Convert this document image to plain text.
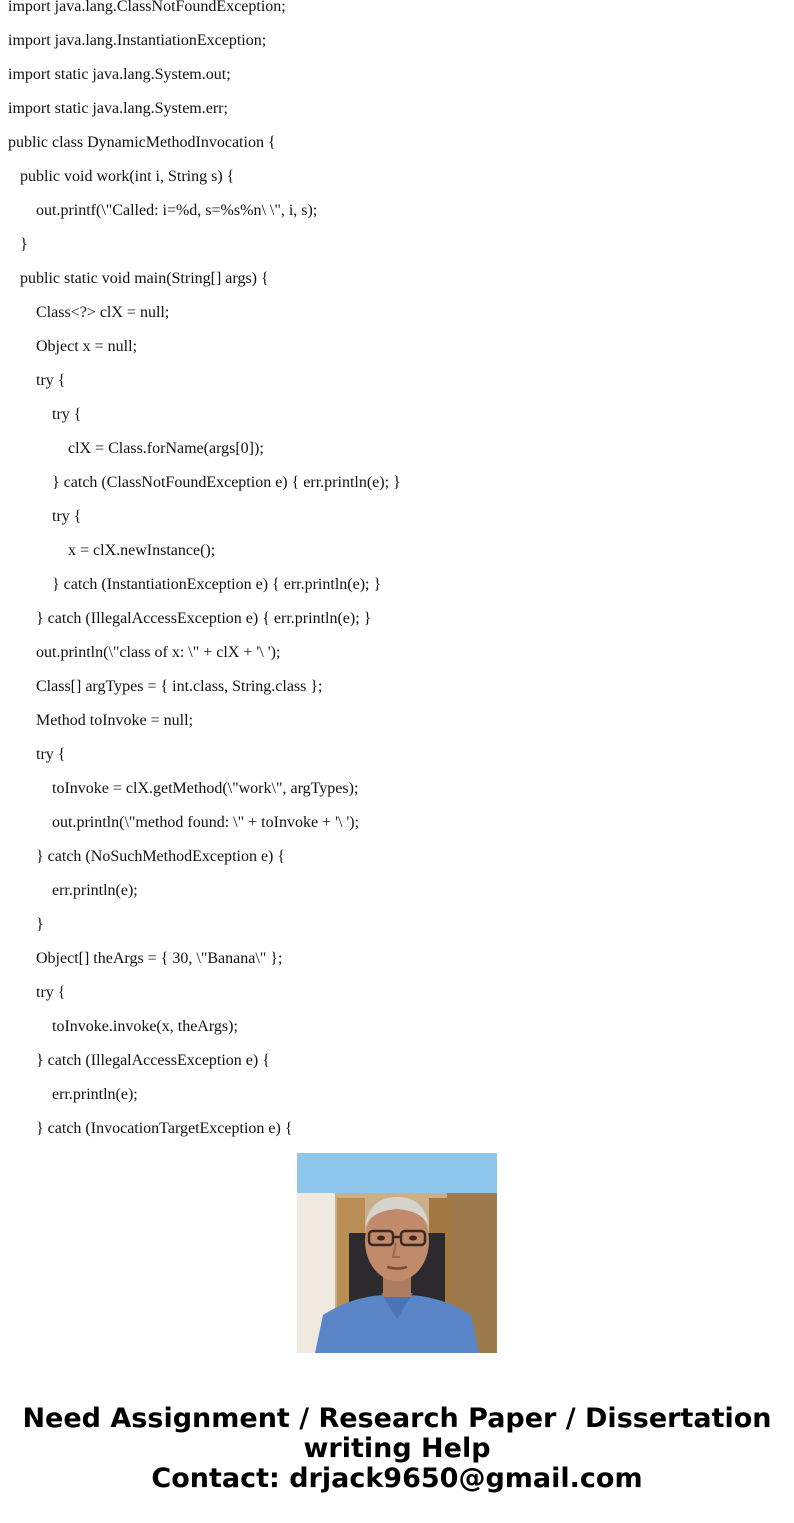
import java.lang.ClassNotFoundException;
import java.lang.InstantiationException;
import static java.lang.System.out;
import static java.lang.System.err;
public class DynamicMethodInvocation {
public void work(int i, String s) {
out.printf(\"Called: i=%d, s=%s%n\ \", i, s);
}
public static void main(String[] args) {
Class<?> clX = null;
Object x = null;
try {
try {
clX = Class.forName(args[0]);
} catch (ClassNotFoundException e) { err.println(e); }
try {
x = clX.newInstance();
} catch (InstantiationException e) { err.println(e); }
} catch (IllegalAccessException e) { err.println(e); }
out.println(\"class of x: \" + clX + '\ ');
Class[] argTypes = { int.class, String.class };
Method toInvoke = null;
try {
toInvoke = clX.getMethod(\"work\", argTypes);
out.println(\"method found: \" + toInvoke + '\ ');
} catch (NoSuchMethodException e) {
err.println(e);
}
Object[] theArgs = { 30, \"Banana\" };
try {
toInvoke.invoke(x, theArgs);
} catch (IllegalAccessException e) {
err.println(e);
} catch (InvocationTargetException e) {
Need Assignment / Research Paper / Dissertation
writing Help
Contact: drjack9650@gmail.com
